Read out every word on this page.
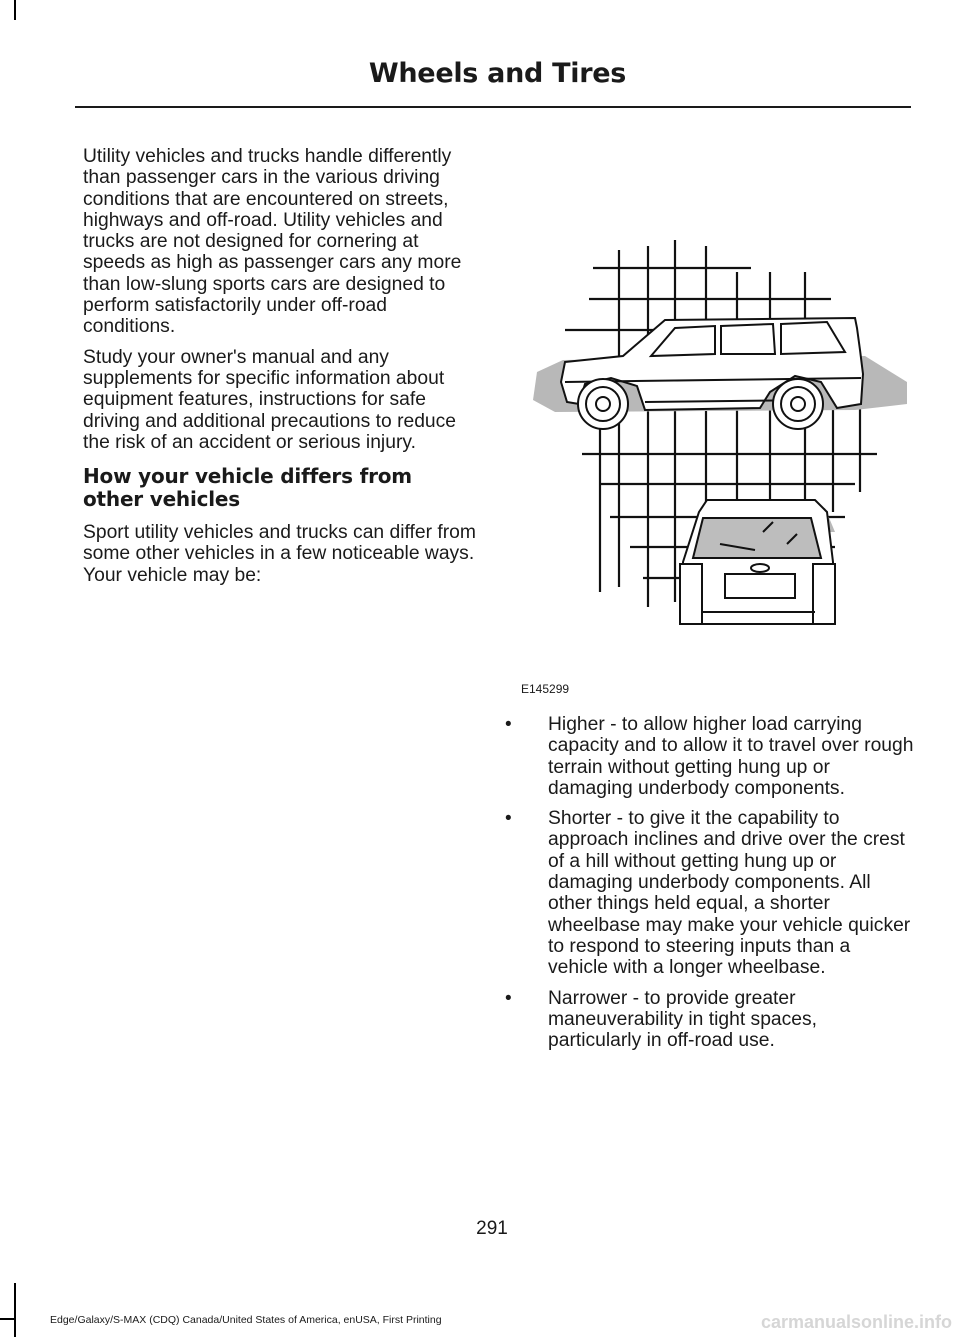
Wheels and Tires

Utility vehicles and trucks handle differently than passenger cars in the various driving conditions that are encountered on streets, highways and off-road. Utility vehicles and trucks are not designed for cornering at speeds as high as passenger cars any more than low-slung sports cars are designed to perform satisfactorily under off-road conditions.

Study your owner's manual and any supplements for specific information about equipment features, instructions for safe driving and additional precautions to reduce the risk of an accident or serious injury.

How your vehicle differs from other vehicles

Sport utility vehicles and trucks can differ from some other vehicles in a few noticeable ways. Your vehicle may be:

E145299
• Higher - to allow higher load carrying capacity and to allow it to travel over rough terrain without getting hung up or damaging underbody components.
• Shorter - to give it the capability to approach inclines and drive over the crest of a hill without getting hung up or damaging underbody components. All other things held equal, a shorter wheelbase may make your vehicle quicker to respond to steering inputs than a vehicle with a longer wheelbase.
• Narrower - to provide greater maneuverability in tight spaces, particularly in off-road use.
291
Edge/Galaxy/S-MAX (CDQ) Canada/United States of America, enUSA, First Printing	carmanualsonline.info
